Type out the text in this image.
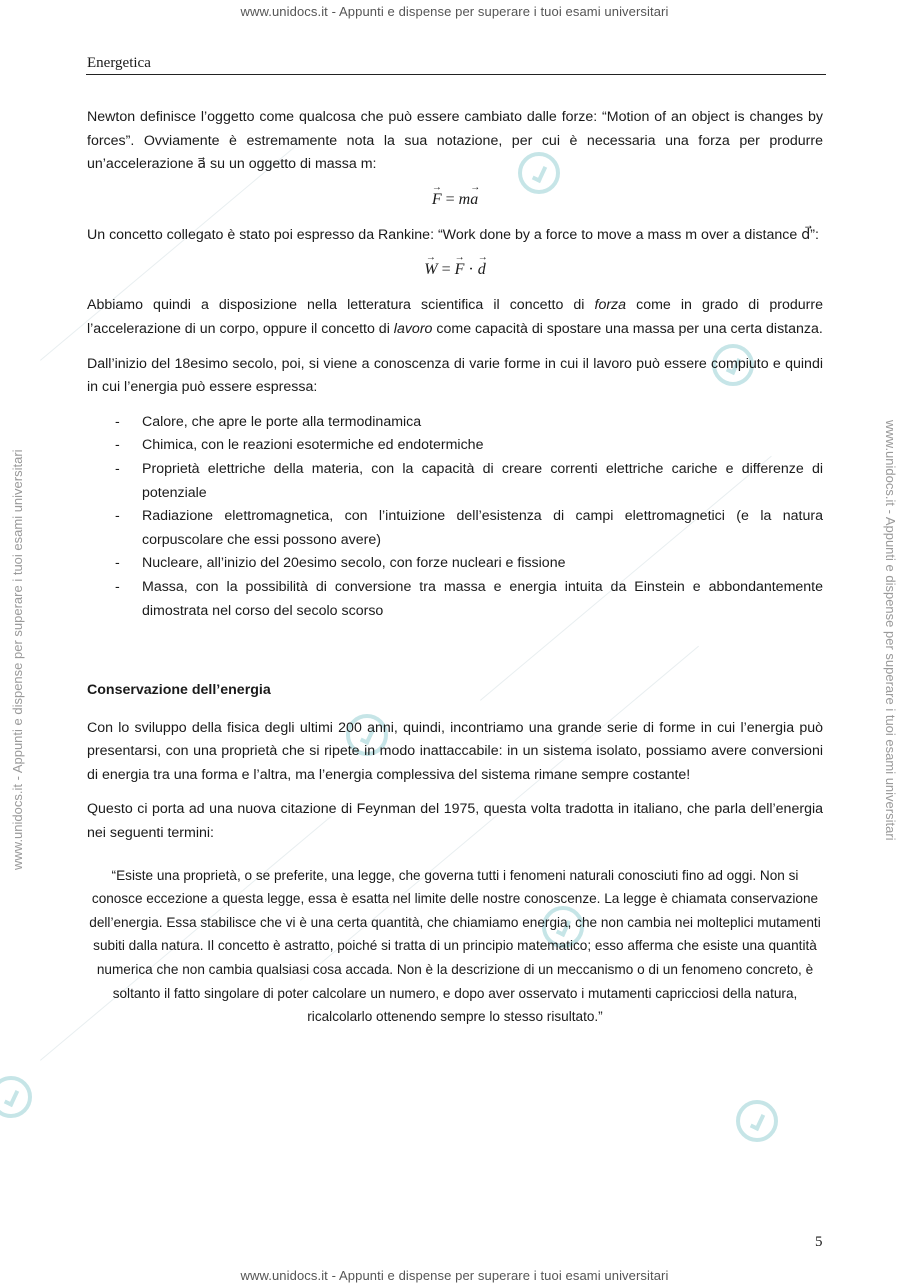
www.unidocs.it - Appunti e dispense per superare i tuoi esami universitari
www.unidocs.it - Appunti e dispense per superare i tuoi esami universitari	www.unidocs.it - Appunti e dispense per superare i tuoi esami universitari
Energetica

Newton definisce l’oggetto come qualcosa che può essere cambiato dalle forze: “Motion of an object is changes by forces”. Ovviamente è estremamente nota la sua notazione, per cui è necessaria una forza per produrre un’accelerazione a⃗ su un oggetto di massa m:

→ F = m→ a

Un concetto collegato è stato poi espresso da Rankine: “Work done by a force to move a mass m over a distance d⃗”:

→ W = → F · → d

Abbiamo quindi a disposizione nella letteratura scientifica il concetto di forza come in grado di produrre l’accelerazione di un corpo, oppure il concetto di lavoro come capacità di spostare una massa per una certa distanza.

Dall’inizio del 18esimo secolo, poi, si viene a conoscenza di varie forme in cui il lavoro può essere compiuto e quindi in cui l’energia può essere espressa:

- Calore, che apre le porte alla termodinamica
- Chimica, con le reazioni esotermiche ed endotermiche
- Proprietà elettriche della materia, con la capacità di creare correnti elettriche cariche e differenze di potenziale
- Radiazione elettromagnetica, con l’intuizione dell’esistenza di campi elettromagnetici (e la natura corpuscolare che essi possono avere)
- Nucleare, all’inizio del 20esimo secolo, con forze nucleari e fissione
- Massa, con la possibilità di conversione tra massa e energia intuita da Einstein e abbondantemente dimostrata nel corso del secolo scorso
Conservazione dell’energia

Con lo sviluppo della fisica degli ultimi 200 anni, quindi, incontriamo una grande serie di forme in cui l’energia può presentarsi, con una proprietà che si ripete in modo inattaccabile: in un sistema isolato, possiamo avere conversioni di energia tra una forma e l’altra, ma l’energia complessiva del sistema rimane sempre costante!

Questo ci porta ad una nuova citazione di Feynman del 1975, questa volta tradotta in italiano, che parla dell’energia nei seguenti termini:

“Esiste una proprietà, o se preferite, una legge, che governa tutti i fenomeni naturali conosciuti fino ad oggi. Non si conosce eccezione a questa legge, essa è esatta nel limite delle nostre conoscenze. La legge è chiamata conservazione dell’energia. Essa stabilisce che vi è una certa quantità, che chiamiamo energia, che non cambia nei molteplici mutamenti subiti dalla natura. Il concetto è astratto, poiché si tratta di un principio matematico; esso afferma che esiste una quantità numerica che non cambia qualsiasi cosa accada. Non è la descrizione di un meccanismo o di un fenomeno concreto, è soltanto il fatto singolare di poter calcolare un numero, e dopo aver osservato i mutamenti capricciosi della natura, ricalcolarlo ottenendo sempre lo stesso risultato.”

5
www.unidocs.it - Appunti e dispense per superare i tuoi esami universitari
